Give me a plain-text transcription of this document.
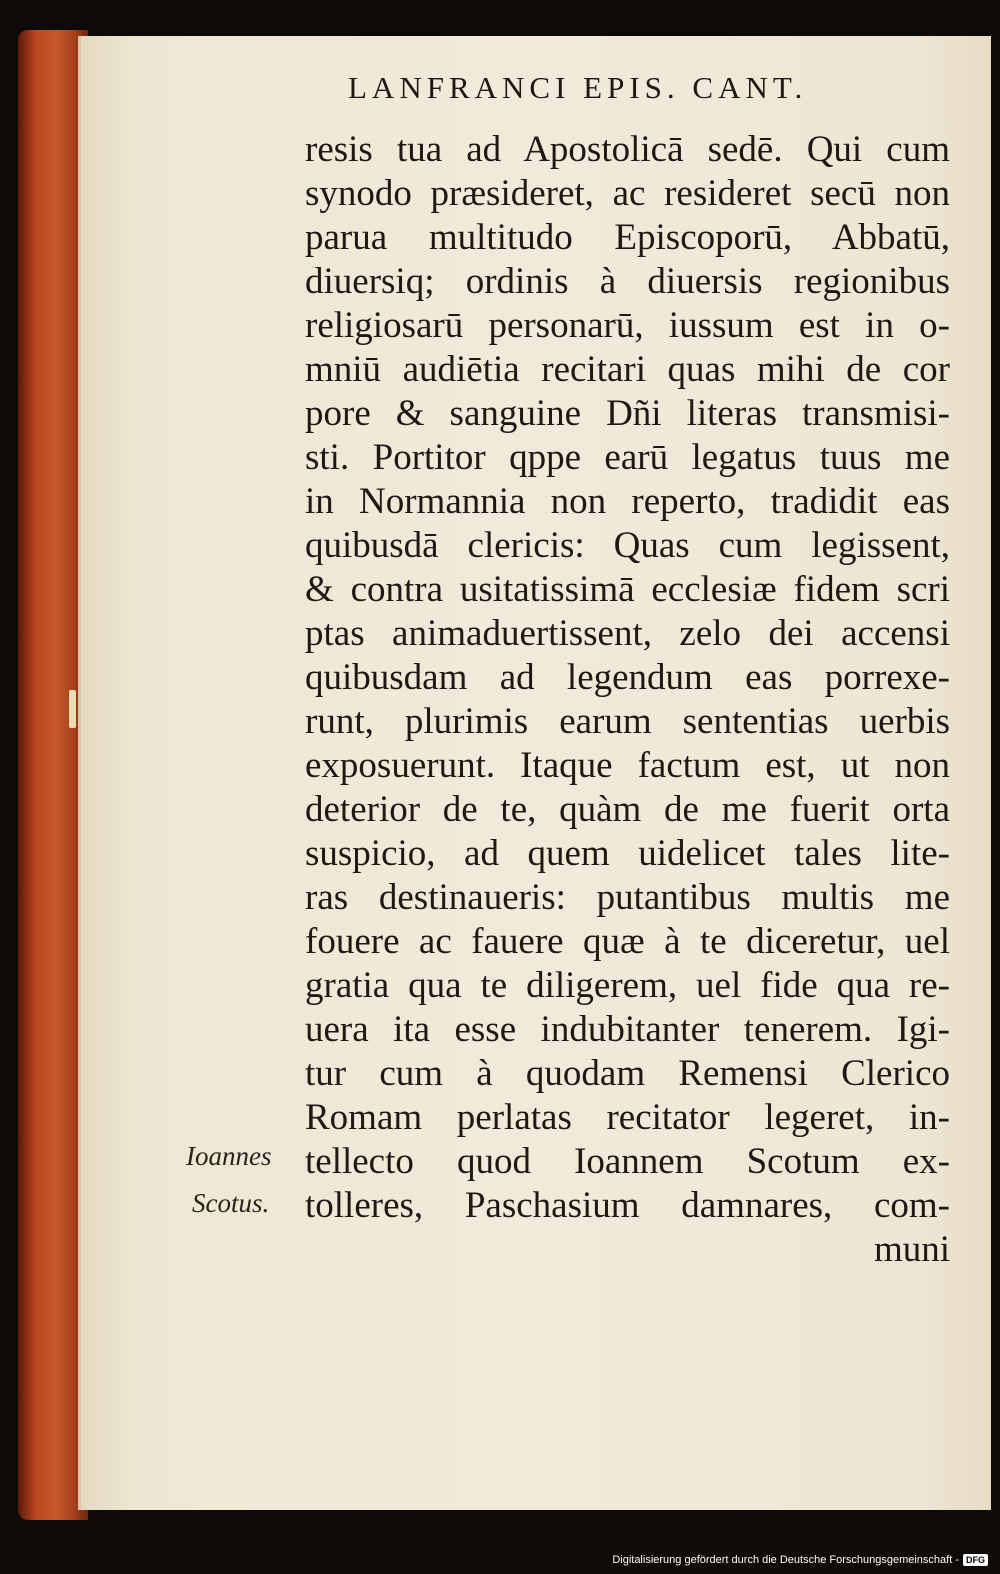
LANFRANCI EPIS. CANT.
resis tua ad Apostolicā sedē. Qui cum
synodo præsideret, ac resideret secū non
parua multitudo Episcoporū, Abbatū,
diuersiq; ordinis à diuersis regionibus
religiosarū personarū, iussum est in o-
mniū audiētia recitari quas mihi de cor
pore & sanguine Dñi literas transmisi-
sti. Portitor qppe earū legatus tuus me
in Normannia non reperto, tradidit eas
quibusdā clericis: Quas cum legissent,
& contra usitatissimā ecclesiæ fidem scri
ptas animaduertissent, zelo dei accensi
quibusdam ad legendum eas porrexe-
runt, plurimis earum sententias uerbis
exposuerunt. Itaque factum est, ut non
deterior de te, quàm de me fuerit orta
suspicio, ad quem uidelicet tales lite-
ras destinaueris: putantibus multis me
fouere ac fauere quæ à te diceretur, uel
gratia qua te diligerem, uel fide qua re-
uera ita esse indubitanter tenerem. Igi-
tur cum à quodam Remensi Clerico
Romam perlatas recitator legeret, in-
tellecto quod Ioannem Scotum ex-
tolleres, Paschasium damnares, com-
muni
Ioannes
Scotus.
Digitalisierung gefördert durch die Deutsche Forschungsgemeinschaft - DFG
